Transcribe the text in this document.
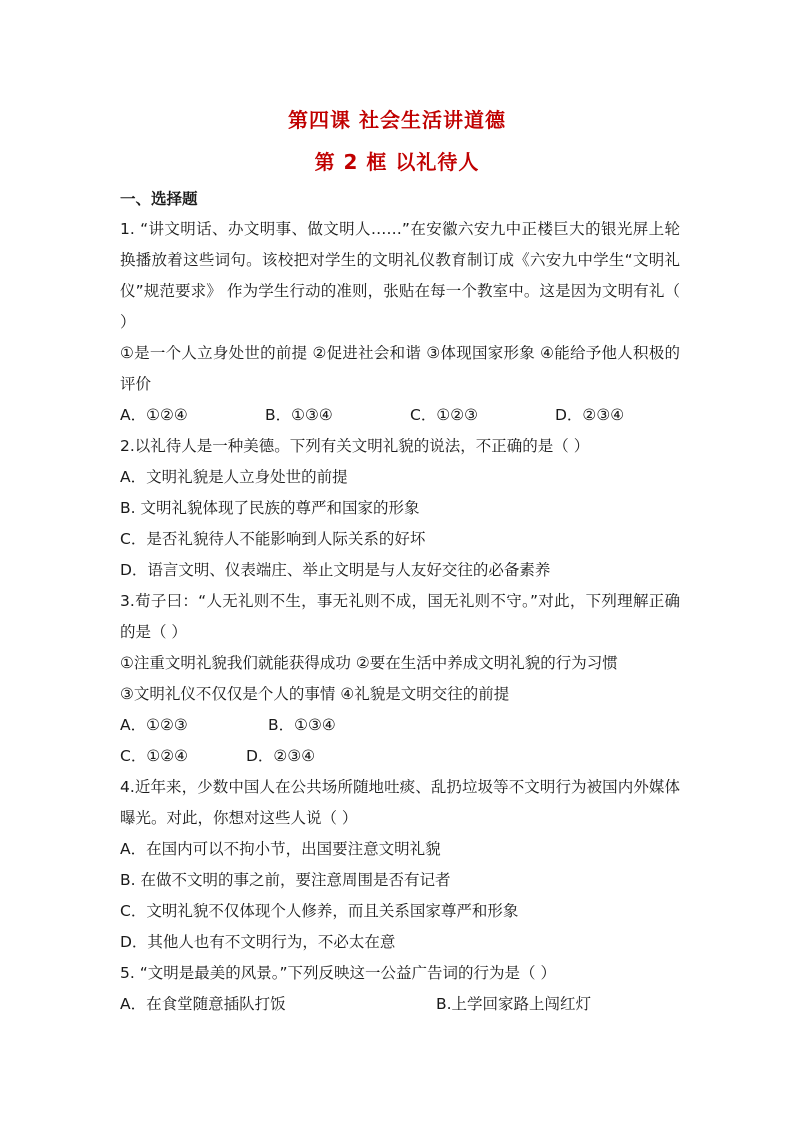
第四课 社会生活讲道德
第 2 框 以礼待人
一、选择题

1. “讲文明话、办文明事、做文明人……”在安徽六安九中正楼巨大的银光屏上轮换播放着这些词句。该校把对学生的文明礼仪教育制订成《六安九中学生“文明礼仪”规范要求》 作为学生行动的准则，张贴在每一个教室中。这是因为文明有礼（ ）

①是一个人立身处世的前提 ②促进社会和谐 ③体现国家形象 ④能给予他人积极的评价

A．①②④	B．①③④	C．①②③	D．②③④

2.以礼待人是一种美德。下列有关文明礼貌的说法，不正确的是（ ）

A．文明礼貌是人立身处世的前提

B. 文明礼貌体现了民族的尊严和国家的形象

C．是否礼貌待人不能影响到人际关系的好坏

D．语言文明、仪表端庄、举止文明是与人友好交往的必备素养

3.荀子曰：“人无礼则不生，事无礼则不成，国无礼则不守。”对此，下列理解正确的是（ ）

①注重文明礼貌我们就能获得成功 ②要在生活中养成文明礼貌的行为习惯

③文明礼仪不仅仅是个人的事情 ④礼貌是文明交往的前提

A．①②③	B．①③④
C．①②④	D．②③④

4.近年来，少数中国人在公共场所随地吐痰、乱扔垃圾等不文明行为被国内外媒体曝光。对此，你想对这些人说（ ）

A．在国内可以不拘小节，出国要注意文明礼貌

B. 在做不文明的事之前，要注意周围是否有记者

C．文明礼貌不仅体现个人修养，而且关系国家尊严和形象

D．其他人也有不文明行为，不必太在意

5. “文明是最美的风景。”下列反映这一公益广告词的行为是（ ）

A．在食堂随意插队打饭	B.上学回家路上闯红灯
